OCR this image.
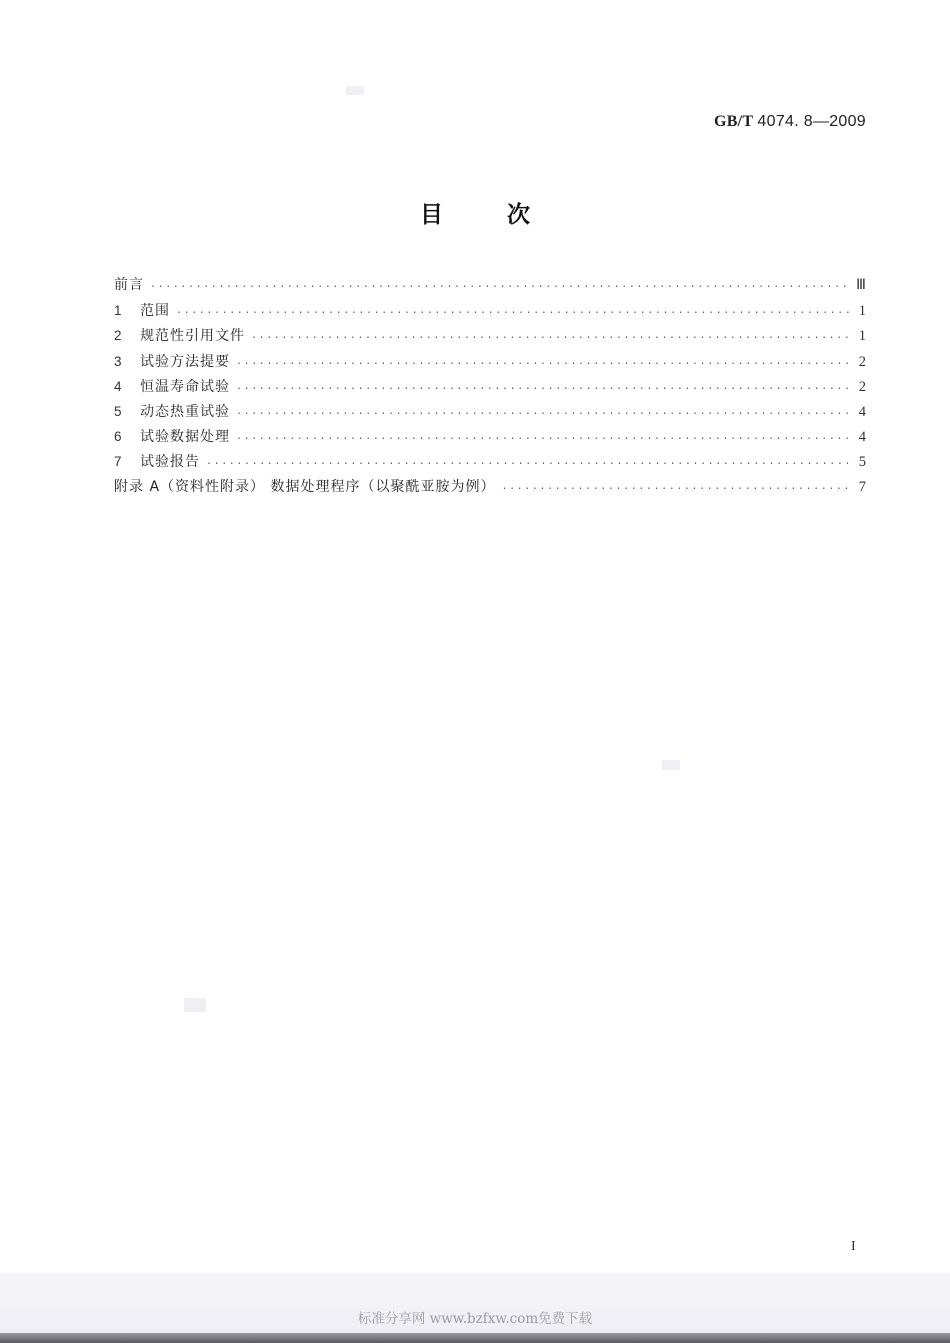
GB/T 4074. 8—2009
目	次
前言 ·····	Ⅲ
1	范围 ·····	1
2	规范性引用文件 ·····	1
3	试验方法提要 ·····	2
4	恒温寿命试验 ·····	2
5	动态热重试验 ·····	4
6	试验数据处理 ·····	4
7	试验报告 ·····	5
附录 A（资料性附录） 数据处理程序（以聚酰亚胺为例） ·····	7
I
标准分享网 www.bzfxw.com免费下载
